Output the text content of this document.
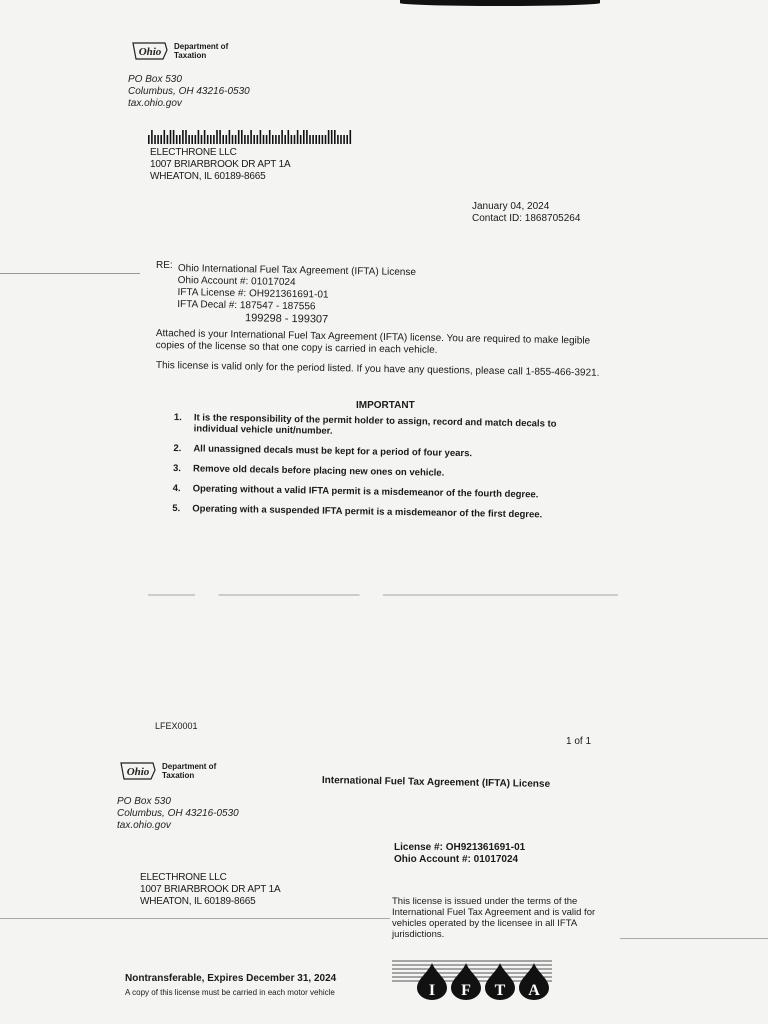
Ohio Department of
Taxation
PO Box 530
Columbus, OH 43216-0530
tax.ohio.gov
ELECTHRONE LLC
1007 BRIARBROOK DR APT 1A
WHEATON, IL 60189-8665
January 04, 2024
Contact ID: 1868705264
RE: Ohio International Fuel Tax Agreement (IFTA) License
Ohio Account #: 01017024
IFTA License #: OH921361691-01
IFTA Decal #: 187547 - 187556
199298 - 199307
Attached is your International Fuel Tax Agreement (IFTA) license. You are required to make legible copies of the license so that one copy is carried in each vehicle.
This license is valid only for the period listed. If you have any questions, please call 1-855-466-3921.
IMPORTANT
1.	It is the responsibility of the permit holder to assign, record and match decals to individual vehicle unit/number.
2.	All unassigned decals must be kept for a period of four years.
3.	Remove old decals before placing new ones on vehicle.
4.	Operating without a valid IFTA permit is a misdemeanor of the fourth degree.
5.	Operating with a suspended IFTA permit is a misdemeanor of the first degree.
LFEX0001
1 of 1
Ohio Department of
Taxation
PO Box 530
Columbus, OH 43216-0530
tax.ohio.gov
International Fuel Tax Agreement (IFTA) License
License #: OH921361691-01
Ohio Account #: 01017024
ELECTHRONE LLC
1007 BRIARBROOK DR APT 1A
WHEATON, IL 60189-8665	This license is issued under the terms of the International Fuel Tax Agreement and is valid for vehicles operated by the licensee in all IFTA jurisdictions.
Nontransferable, Expires December 31, 2024
A copy of this license must be carried in each motor vehicle	I F T A
